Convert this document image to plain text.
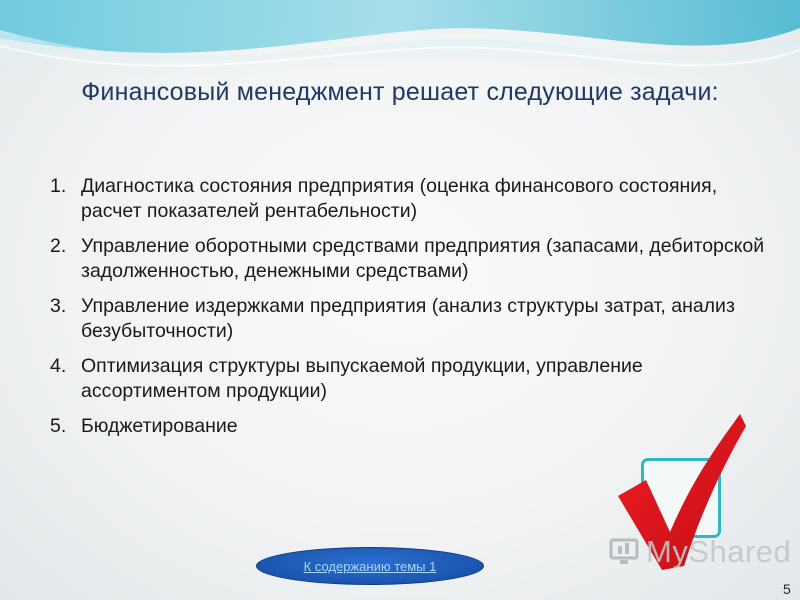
Финансовый менеджмент решает следующие задачи:
1. Диагностика состояния предприятия (оценка финансового состояния, расчет показателей рентабельности)
2. Управление оборотными средствами предприятия (запасами, дебиторской задолженностью, денежными средствами)
3. Управление издержками предприятия (анализ структуры затрат, анализ безубыточности)
4. Оптимизация структуры выпускаемой продукции, управление ассортиментом продукции)
5. Бюджетирование
MyShared
К содержанию темы 1
5
